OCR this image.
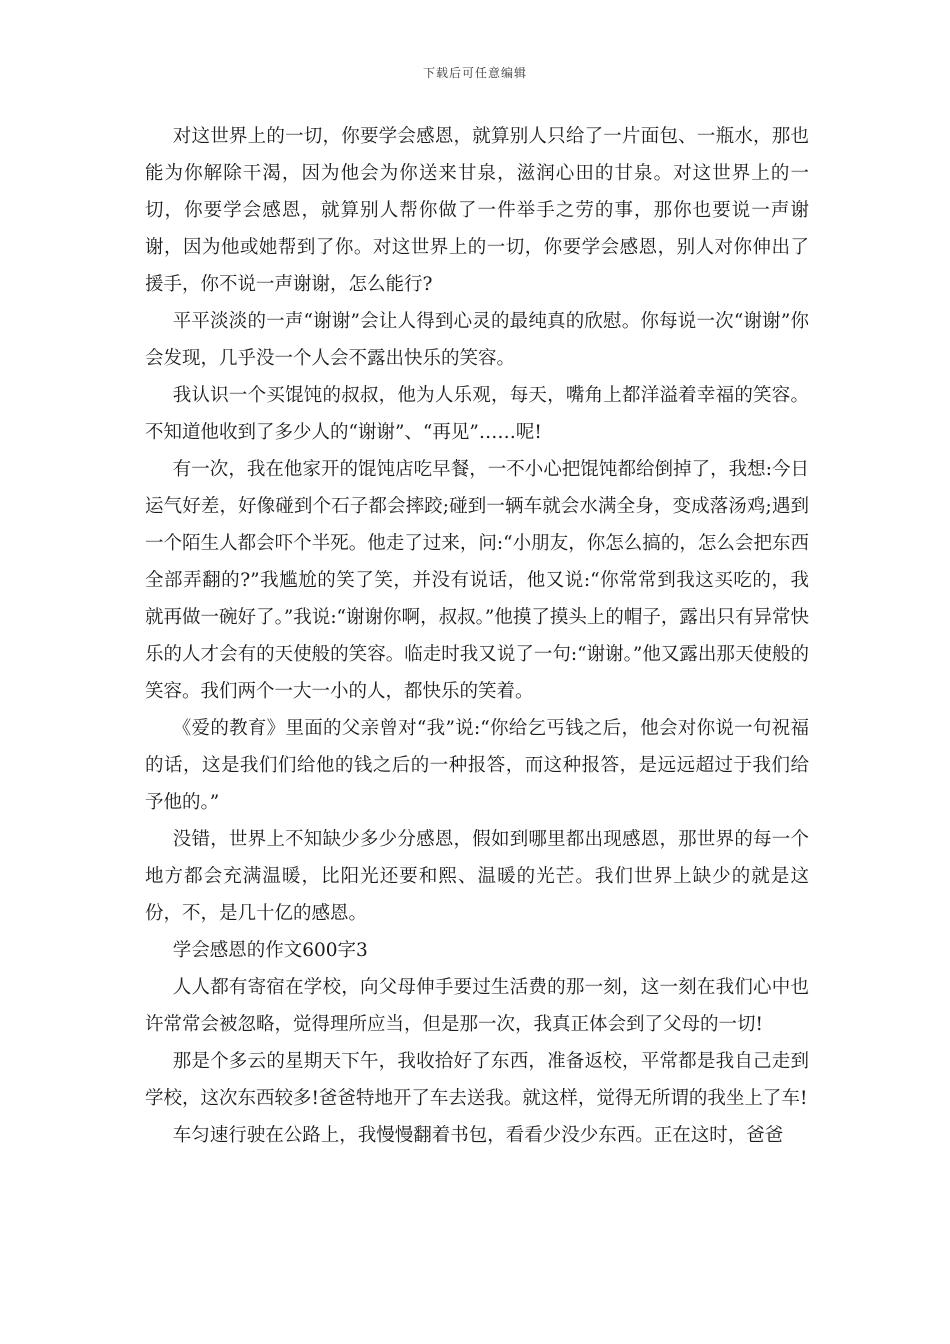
下载后可任意编辑

对这世界上的一切，你要学会感恩，就算别人只给了一片面包、一瓶水，那也能为你解除干渴，因为他会为你送来甘泉，滋润心田的甘泉。对这世界上的一切，你要学会感恩，就算别人帮你做了一件举手之劳的事，那你也要说一声谢谢，因为他或她帮到了你。对这世界上的一切，你要学会感恩，别人对你伸出了援手，你不说一声谢谢，怎么能行?

平平淡淡的一声“谢谢”会让人得到心灵的最纯真的欣慰。你每说一次“谢谢”你会发现，几乎没一个人会不露出快乐的笑容。

我认识一个买馄饨的叔叔，他为人乐观，每天，嘴角上都洋溢着幸福的笑容。不知道他收到了多少人的“谢谢”、“再见”……呢!

有一次，我在他家开的馄饨店吃早餐，一不小心把馄饨都给倒掉了，我想:今日运气好差，好像碰到个石子都会摔跤;碰到一辆车就会水满全身，变成落汤鸡;遇到一个陌生人都会吓个半死。他走了过来，问:“小朋友，你怎么搞的，怎么会把东西全部弄翻的?”我尴尬的笑了笑，并没有说话，他又说:“你常常到我这买吃的，我就再做一碗好了。”我说:“谢谢你啊，叔叔。”他摸了摸头上的帽子，露出只有异常快乐的人才会有的天使般的笑容。临走时我又说了一句:“谢谢。”他又露出那天使般的笑容。我们两个一大一小的人，都快乐的笑着。

《爱的教育》里面的父亲曾对“我”说:“你给乞丐钱之后，他会对你说一句祝福的话，这是我们们给他的钱之后的一种报答，而这种报答，是远远超过于我们给予他的。”

没错，世界上不知缺少多少分感恩，假如到哪里都出现感恩，那世界的每一个地方都会充满温暖，比阳光还要和熙、温暖的光芒。我们世界上缺少的就是这份，不，是几十亿的感恩。

学会感恩的作文600字3

人人都有寄宿在学校，向父母伸手要过生活费的那一刻，这一刻在我们心中也许常常会被忽略，觉得理所应当，但是那一次，我真正体会到了父母的一切!

那是个多云的星期天下午，我收拾好了东西，准备返校，平常都是我自己走到学校，这次东西较多!爸爸特地开了车去送我。就这样，觉得无所谓的我坐上了车!

车匀速行驶在公路上，我慢慢翻着书包，看看少没少东西。正在这时，爸爸
